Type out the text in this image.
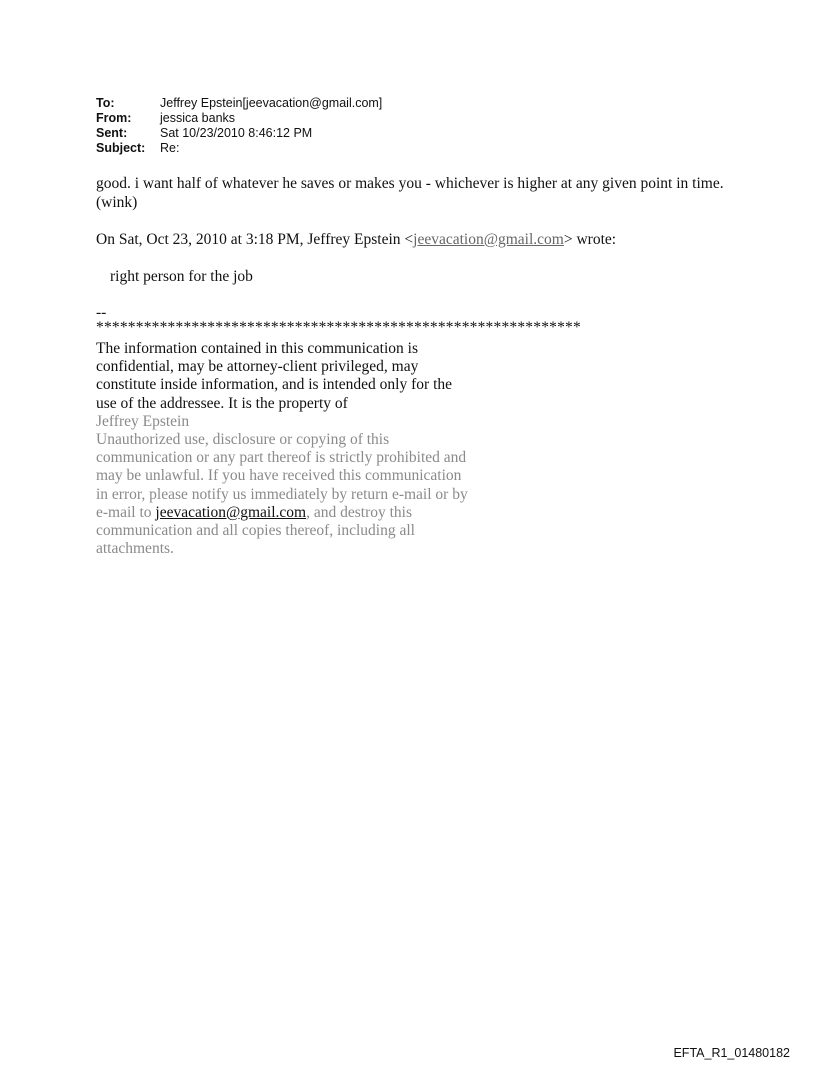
To:	Jeffrey Epstein[jeevacation@gmail.com]
From:	jessica banks
Sent:	Sat 10/23/2010 8:46:12 PM
Subject:	Re:
good. i want half of whatever he saves or makes you - whichever is higher at any given point in time. (wink)
On Sat, Oct 23, 2010 at 3:18 PM, Jeffrey Epstein <jeevacation@gmail.com> wrote:
right person for the job
--
*************************************************************
The information contained in this communication is confidential, may be attorney-client privileged, may constitute inside information, and is intended only for the use of the addressee. It is the property of
Jeffrey Epstein
Unauthorized use, disclosure or copying of this communication or any part thereof is strictly prohibited and may be unlawful. If you have received this communication in error, please notify us immediately by return e-mail or by e-mail to jeevacation@gmail.com, and destroy this communication and all copies thereof, including all attachments.
EFTA_R1_01480182
